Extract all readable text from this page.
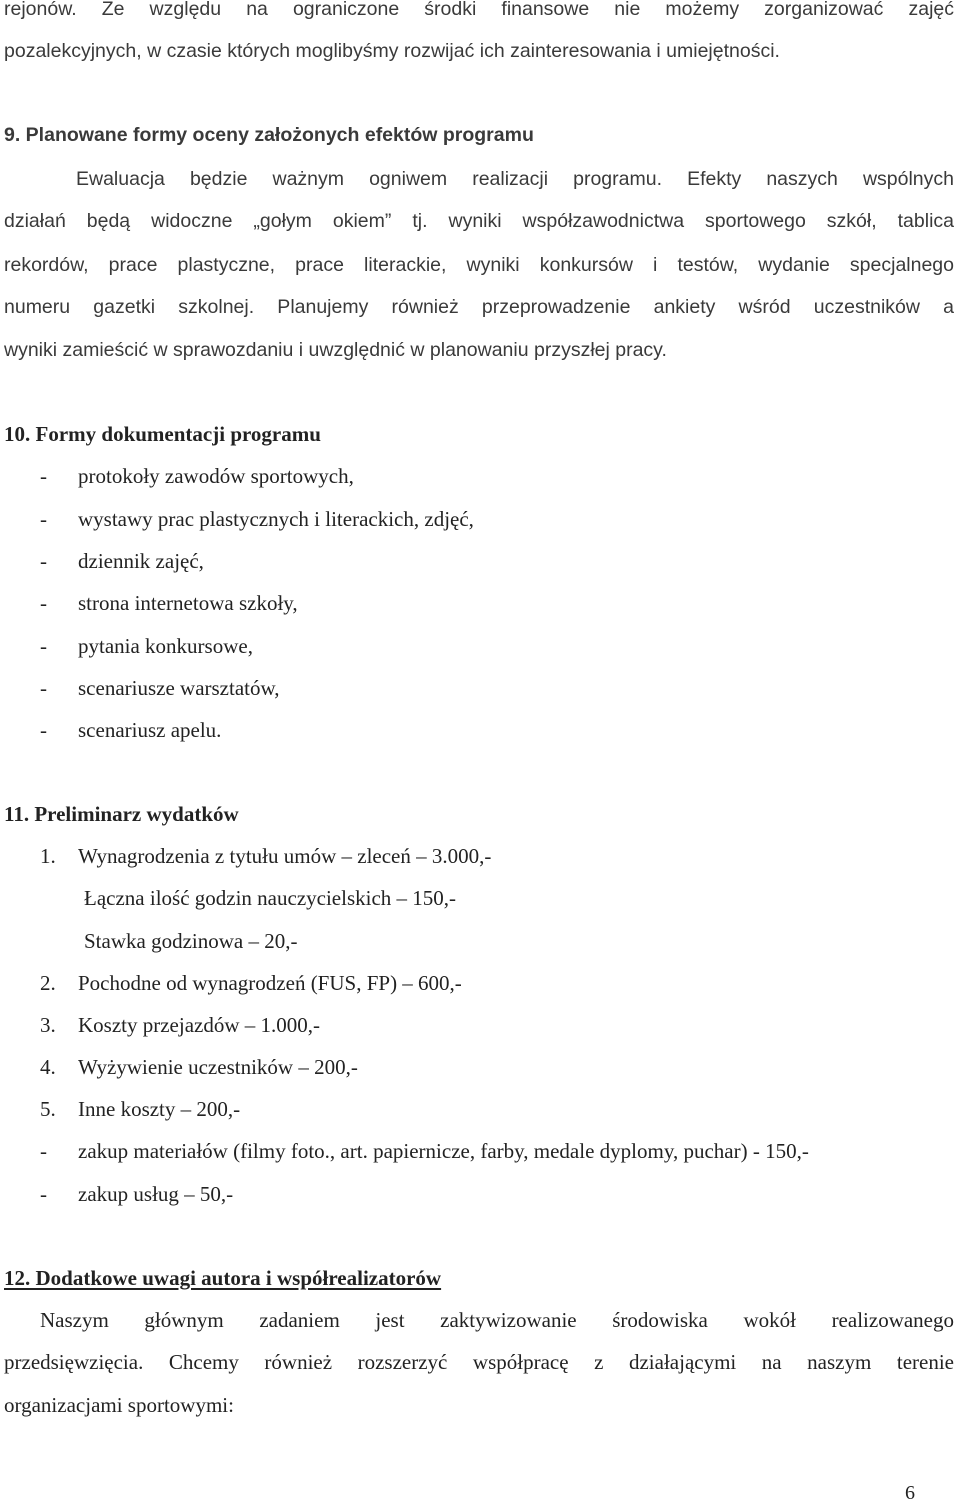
rejonów. Ze względu na ograniczone środki finansowe nie możemy zorganizować zajęć
pozalekcyjnych, w czasie których moglibyśmy rozwijać ich zainteresowania i umiejętności.
9. Planowane formy oceny założonych efektów programu
Ewaluacja będzie ważnym ogniwem realizacji programu. Efekty naszych wspólnych
działań będą widoczne „gołym okiem” tj. wyniki współzawodnictwa sportowego szkół, tablica
rekordów, prace plastyczne, prace literackie, wyniki konkursów i testów, wydanie specjalnego
numeru gazetki szkolnej. Planujemy również przeprowadzenie ankiety wśród uczestników a
wyniki zamieścić w sprawozdaniu i uwzględnić w planowaniu przyszłej pracy.
10. Formy dokumentacji programu
- protokoły zawodów sportowych,
- wystawy prac plastycznych i literackich, zdjęć,
- dziennik zajęć,
- strona internetowa szkoły,
- pytania konkursowe,
- scenariusze warsztatów,
- scenariusz apelu.
11. Preliminarz wydatków
1. Wynagrodzenia z tytułu umów – zleceń – 3.000,-
Łączna ilość godzin nauczycielskich – 150,-
Stawka godzinowa – 20,-
2. Pochodne od wynagrodzeń (FUS, FP) – 600,-
3. Koszty przejazdów – 1.000,-
4. Wyżywienie uczestników – 200,-
5. Inne koszty – 200,-
- zakup materiałów (filmy foto., art. papiernicze, farby, medale dyplomy, puchar) - 150,-
- zakup usług – 50,-
12. Dodatkowe uwagi autora i współrealizatorów
Naszym głównym zadaniem jest zaktywizowanie środowiska wokół realizowanego
przedsięwzięcia. Chcemy również rozszerzyć współpracę z działającymi na naszym terenie
organizacjami sportowymi:
6
